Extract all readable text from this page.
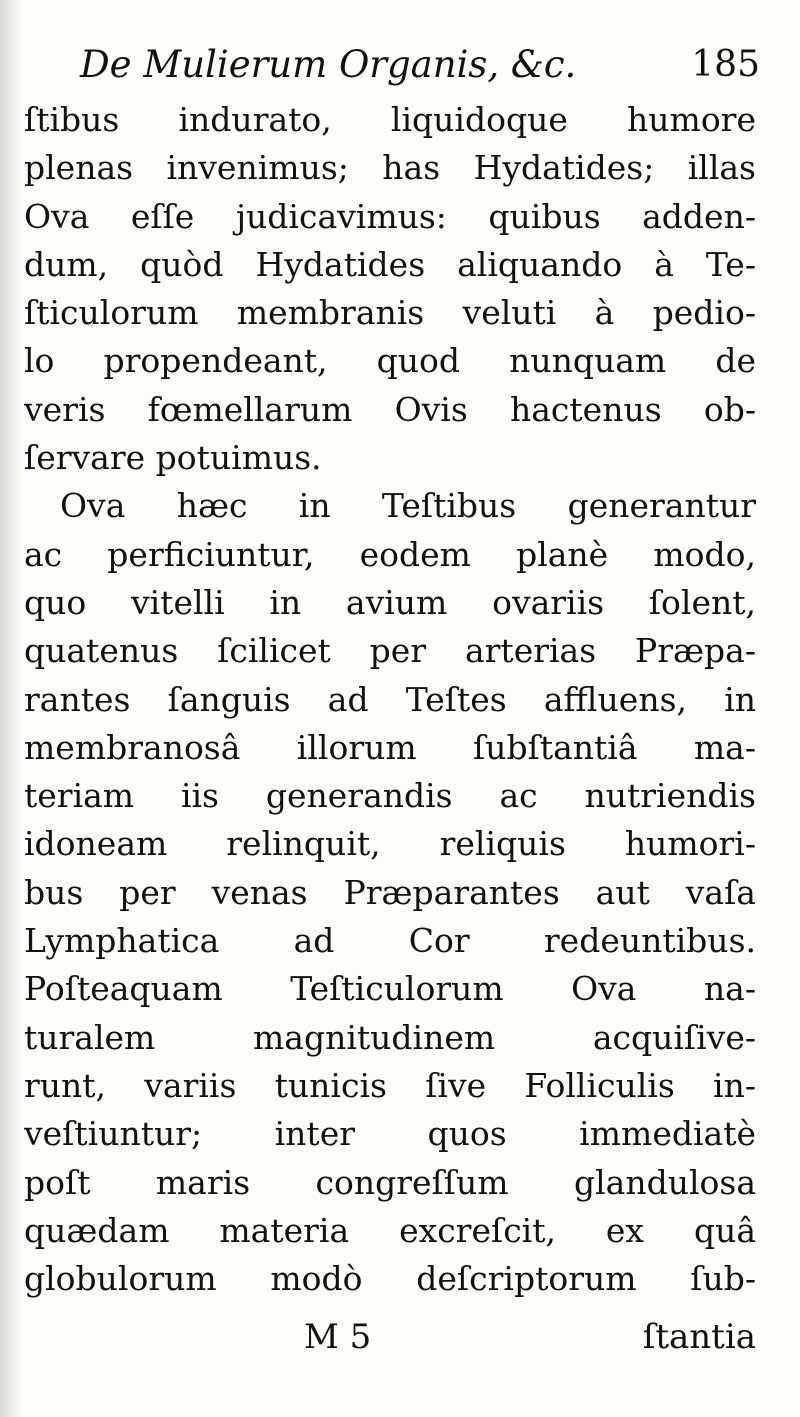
De Mulierum Organis, &c.	185
ſtibus indurato, liquidoque humore
plenas invenimus; has Hydatides; illas
Ova eſſe judicavimus: quibus adden-
dum, quòd Hydatides aliquando à Te-
ſticulorum membranis veluti à pedio-
lo propendeant, quod nunquam de
veris fœmellarum Ovis hactenus ob-
ſervare potuimus.
Ova hæc in Teſtibus generantur
ac perficiuntur, eodem planè modo,
quo vitelli in avium ovariis ſolent,
quatenus ſcilicet per arterias Præpa-
rantes ſanguis ad Teſtes affluens, in
membranosâ illorum ſubſtantiâ ma-
teriam iis generandis ac nutriendis
idoneam relinquit, reliquis humori-
bus per venas Præparantes aut vaſa
Lymphatica ad Cor redeuntibus.
Poſteaquam Teſticulorum Ova na-
turalem magnitudinem acquiſive-
runt, variis tunicis ſive Folliculis in-
veſtiuntur; inter quos immediatè
poſt maris congreſſum glandulosa
quædam materia excreſcit, ex quâ
globulorum modò deſcriptorum ſub-
M 5	ſtantia
